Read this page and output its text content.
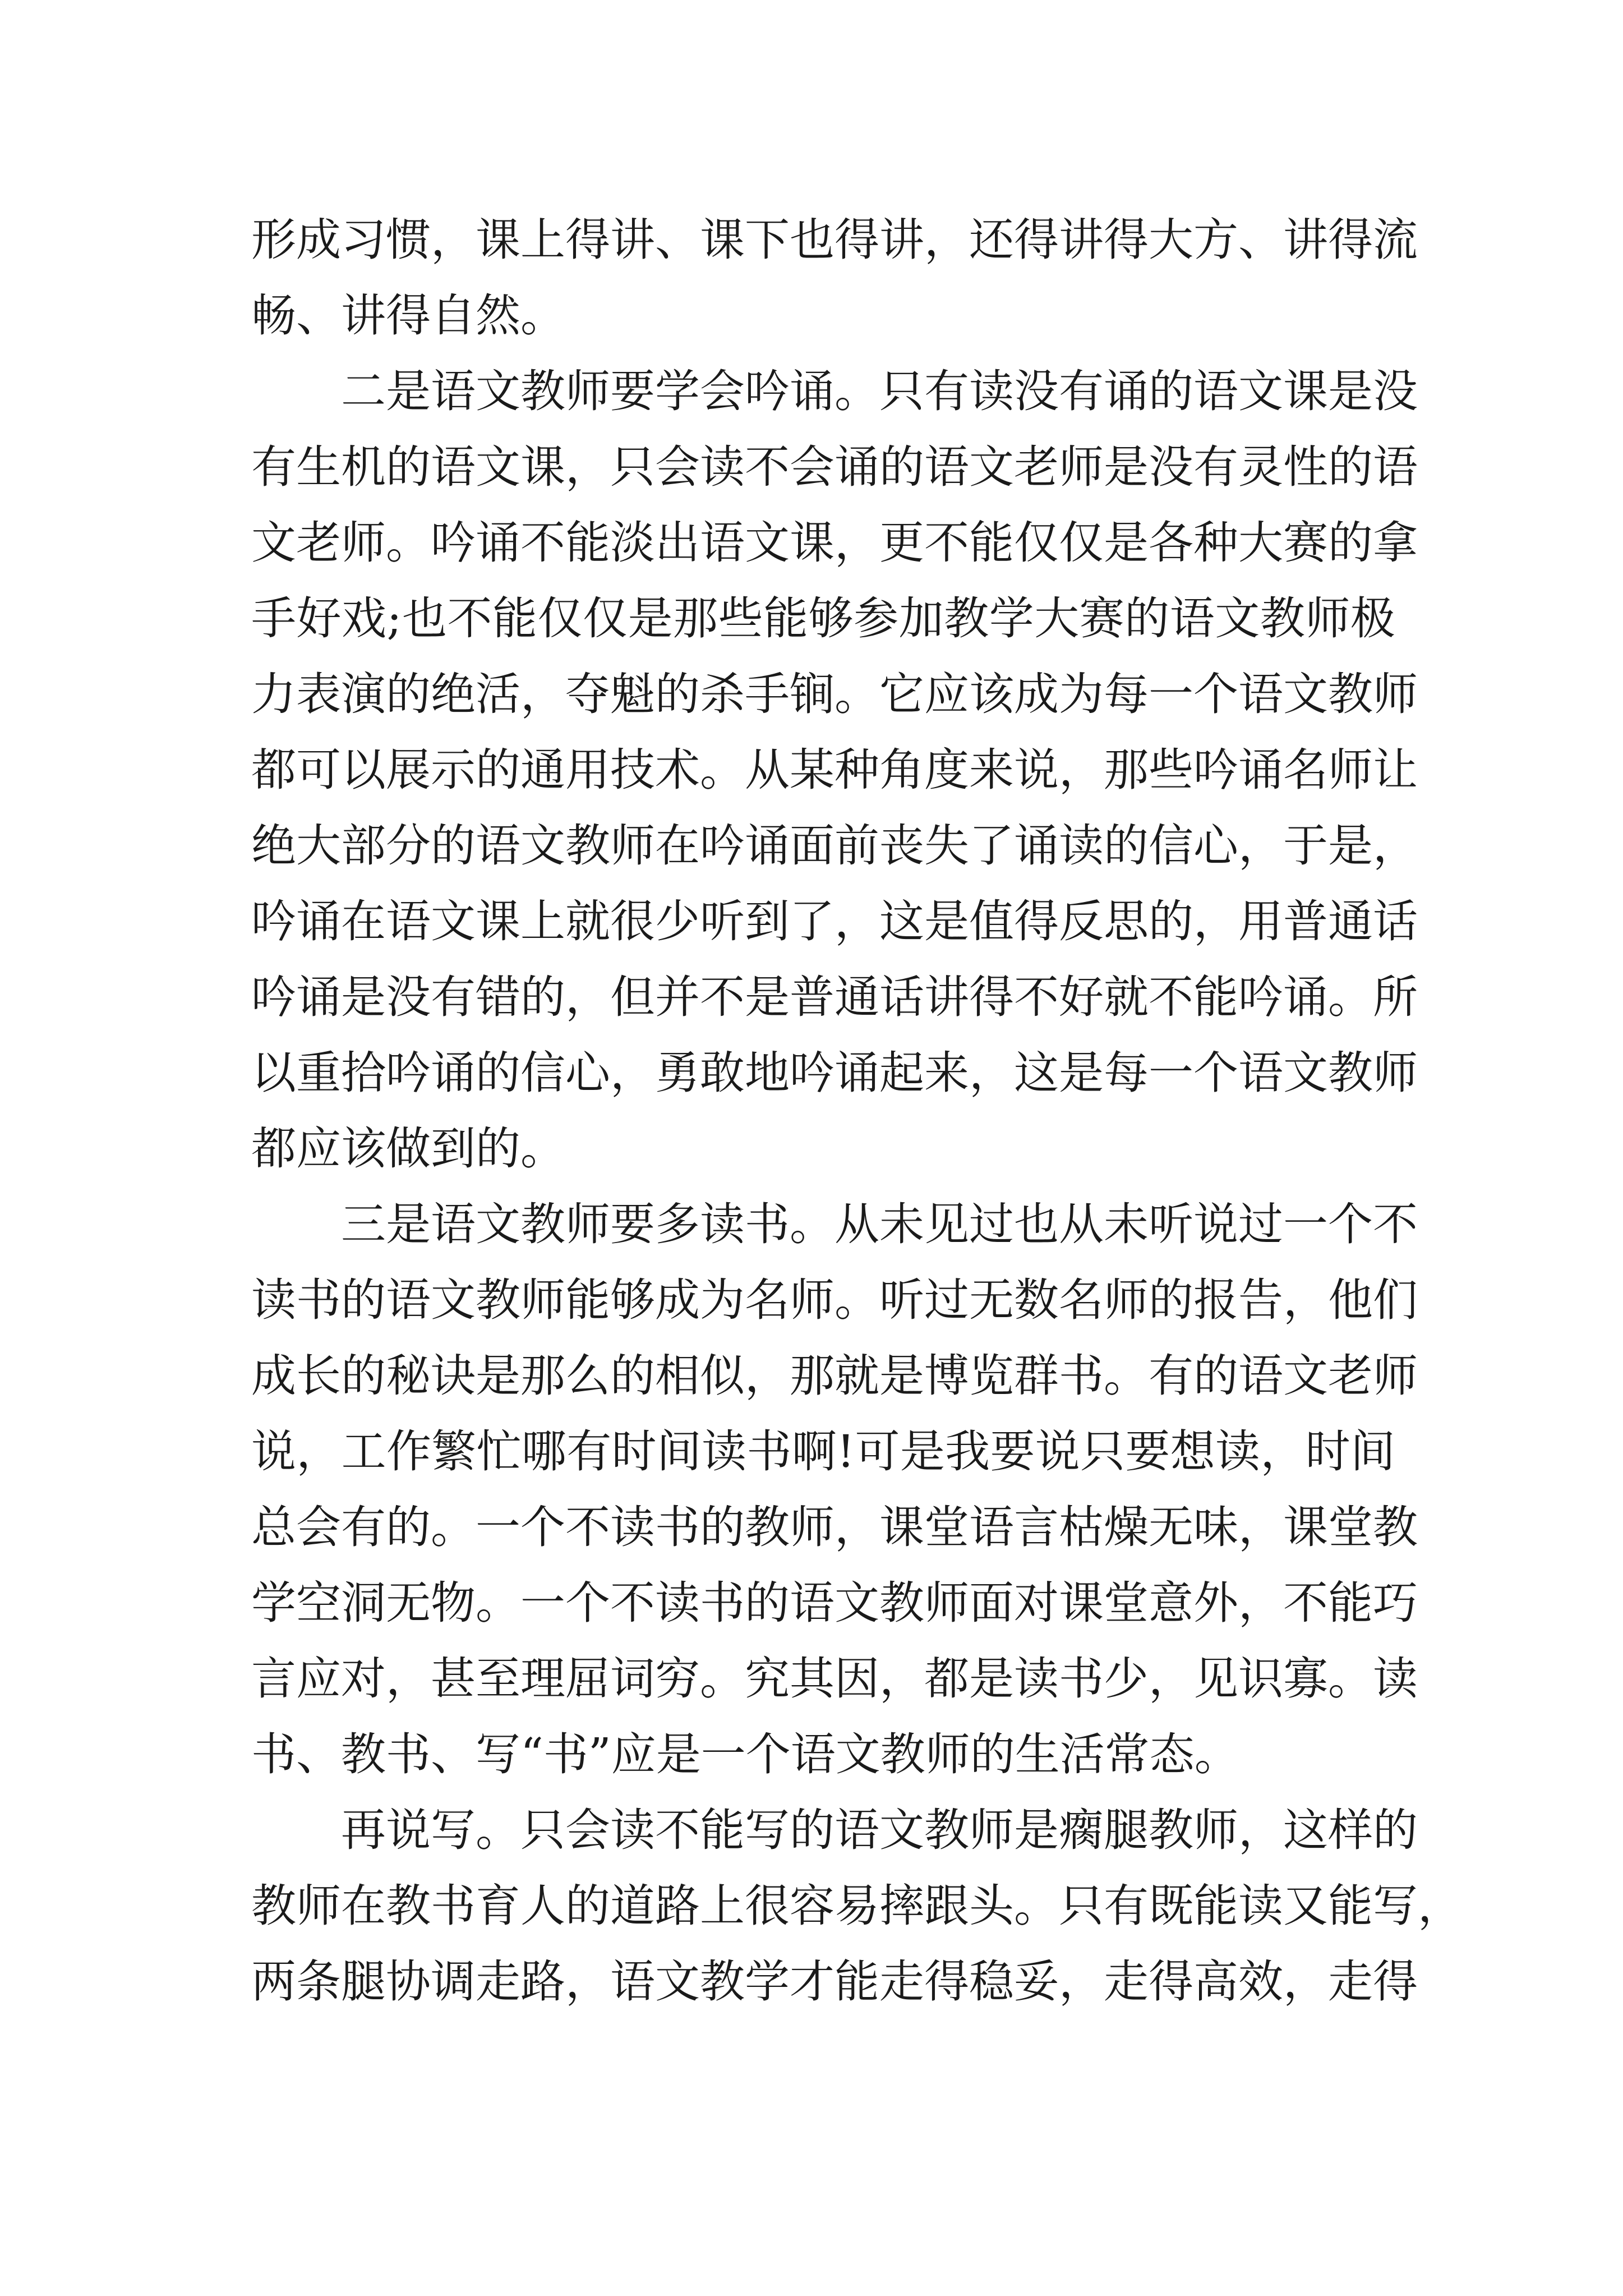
形 成 习 惯 ， 课 上 得 讲 、 课 下 也 得 讲 ， 还 得 讲 得 大 方 、 讲 得 流
畅、讲得自然。
二 是 语 文 教 师 要 学 会 吟 诵 。 只 有 读 没 有 诵 的 语 文 课 是 没
有 生 机 的 语 文 课 ， 只 会 读 不 会 诵 的 语 文 老 师 是 没 有 灵 性 的 语
文 老 师 。 吟 诵 不 能 淡 出 语 文 课 ， 更 不 能 仅 仅 是 各 种 大 赛 的 拿
手 好 戏 ; 也 不 能 仅 仅 是 那 些 能 够 参 加 教 学 大 赛 的 语 文 教 师 极
力 表 演 的 绝 活 ， 夺 魁 的 杀 手 锏 。 它 应 该 成 为 每 一 个 语 文 教 师
都 可 以 展 示 的 通 用 技 术 。 从 某 种 角 度 来 说 ， 那 些 吟 诵 名 师 让
绝 大 部 分 的 语 文 教 师 在 吟 诵 面 前 丧 失 了 诵 读 的 信 心 ， 于 是 ，
吟 诵 在 语 文 课 上 就 很 少 听 到 了 ， 这 是 值 得 反 思 的 ， 用 普 通 话
吟 诵 是 没 有 错 的 ， 但 并 不 是 普 通 话 讲 得 不 好 就 不 能 吟 诵 。 所
以 重 拾 吟 诵 的 信 心 ， 勇 敢 地 吟 诵 起 来 ， 这 是 每 一 个 语 文 教 师
都应该做到的。
三 是 语 文 教 师 要 多 读 书 。 从 未 见 过 也 从 未 听 说 过 一 个 不
读 书 的 语 文 教 师 能 够 成 为 名 师 。 听 过 无 数 名 师 的 报 告 ， 他 们
成 长 的 秘 诀 是 那 么 的 相 似 ， 那 就 是 博 览 群 书 。 有 的 语 文 老 师
说 ， 工 作 繁 忙 哪 有 时 间 读 书 啊 ! 可 是 我 要 说 只 要 想 读 ， 时 间
总 会 有 的 。 一 个 不 读 书 的 教 师 ， 课 堂 语 言 枯 燥 无 味 ， 课 堂 教
学 空 洞 无 物 。 一 个 不 读 书 的 语 文 教 师 面 对 课 堂 意 外 ， 不 能 巧
言 应 对 ， 甚 至 理 屈 词 穷 。 究 其 因 ， 都 是 读 书 少 ， 见 识 寡 。 读
书、教书、写“书”应是一个语文教师的生活常态。
再 说 写 。 只 会 读 不 能 写 的 语 文 教 师 是 瘸 腿 教 师 ， 这 样 的
教 师 在 教 书 育 人 的 道 路 上 很 容 易 摔 跟 头 。 只 有 既 能 读 又 能 写 ，
两 条 腿 协 调 走 路 ， 语 文 教 学 才 能 走 得 稳 妥 ， 走 得 高 效 ， 走 得
